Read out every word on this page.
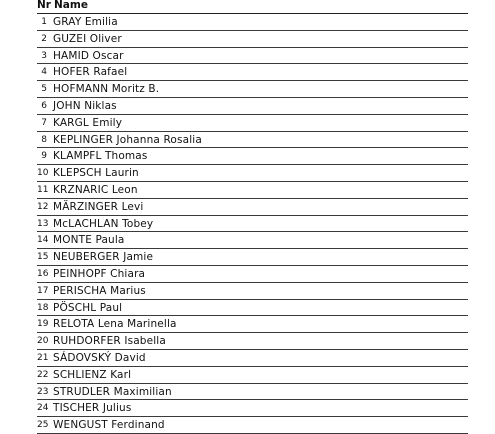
Nr Name
1 GRAY Emilia
2 GUZEI Oliver
3 HAMID Oscar
4 HOFER Rafael
5 HOFMANN Moritz B.
6 JOHN Niklas
7 KARGL Emily
8 KEPLINGER Johanna Rosalia
9 KLAMPFL Thomas
10 KLEPSCH Laurin
11 KRZNARIC Leon
12 MÄRZINGER Levi
13 McLACHLAN Tobey
14 MONTE Paula
15 NEUBERGER Jamie
16 PEINHOPF Chiara
17 PERISCHA Marius
18 PÖSCHL Paul
19 RELOTA Lena Marinella
20 RUHDORFER Isabella
21 SÁDOVSKÝ David
22 SCHLIENZ Karl
23 STRUDLER Maximilian
24 TISCHER Julius
25 WENGUST Ferdinand
